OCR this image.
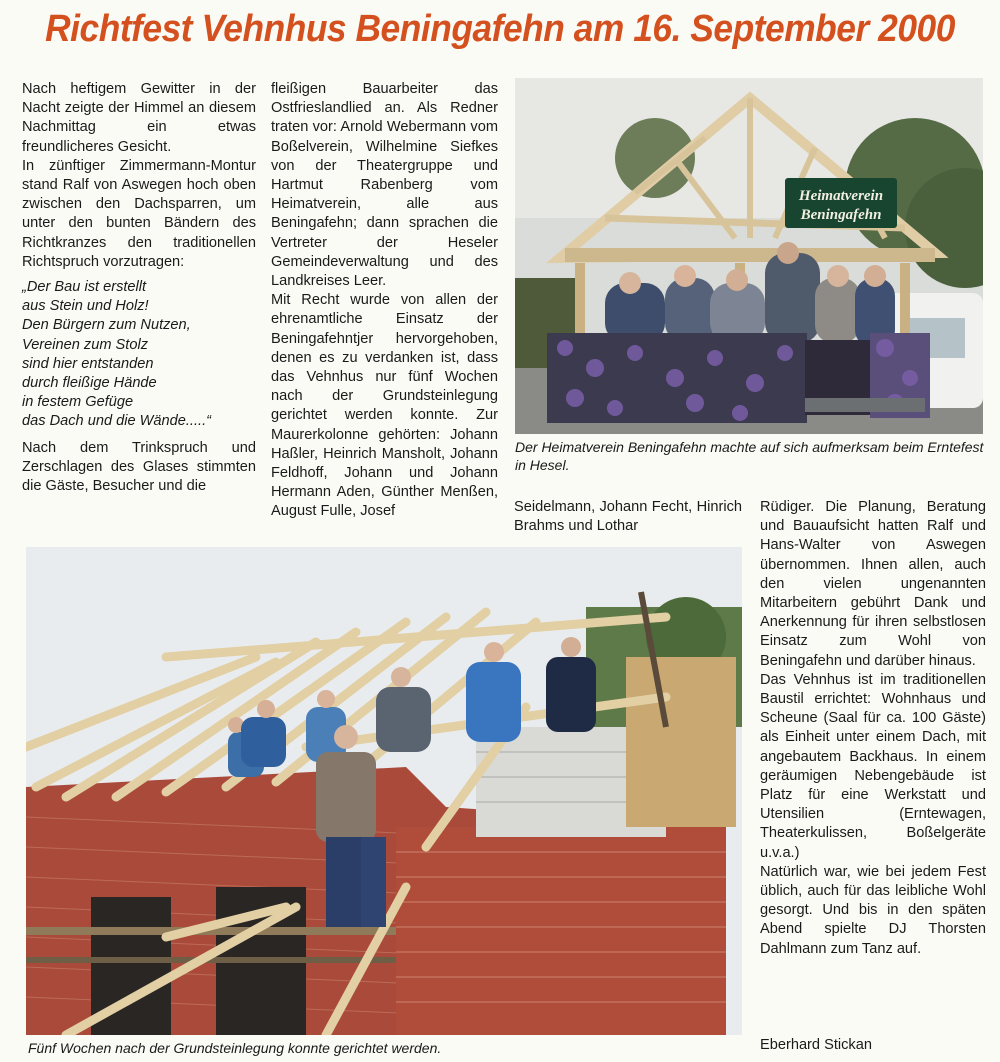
Richtfest Vehnhus Beningafehn am 16. September 2000

Nach heftigem Gewitter in der Nacht zeigte der Himmel an diesem Nachmittag ein etwas freundlicheres Gesicht.

In zünftiger Zimmermann-Montur stand Ralf von Aswegen hoch oben zwischen den Dachsparren, um unter den bunten Bändern des Richtkranzes den traditionellen Richtspruch vorzutragen:

„Der Bau ist erstellt
aus Stein und Holz!
Den Bürgern zum Nutzen,
Vereinen zum Stolz
sind hier entstanden
durch fleißige Hände
in festem Gefüge
das Dach und die Wände.....“

Nach dem Trinkspruch und Zerschlagen des Glases stimmten die Gäste, Besucher und die

fleißigen Bauarbeiter das Ostfrieslandlied an. Als Redner traten vor: Arnold Webermann vom Boßelverein, Wilhelmine Siefkes von der Theatergruppe und Hartmut Rabenberg vom Heimatverein, alle aus Beningafehn; dann sprachen die Vertreter der Heseler Gemeindeverwaltung und des Landkreises Leer.

Mit Recht wurde von allen der ehrenamtliche Einsatz der Beningafehntjer hervorgehoben, denen es zu verdanken ist, dass das Vehnhus nur fünf Wochen nach der Grundsteinlegung gerichtet werden konnte. Zur Maurerkolonne gehörten: Johann Haßler, Heinrich Mansholt, Johann Feldhoff, Johann und Johann Hermann Aden, Günther Menßen, August Fulle, Josef

Heimatverein
Beningafehn
Der Heimatverein Beningafehn machte auf sich aufmerksam beim Erntefest in Hesel.

Seidelmann, Johann Fecht, Hinrich Brahms und Lothar

Rüdiger. Die Planung, Beratung und Bauaufsicht hatten Ralf und Hans-Walter von Aswegen übernommen. Ihnen allen, auch den vielen ungenannten Mitarbeitern gebührt Dank und Anerkennung für ihren selbstlosen Einsatz zum Wohl von Beningafehn und darüber hinaus.

Das Vehnhus ist im traditionellen Baustil errichtet: Wohnhaus und Scheune (Saal für ca. 100 Gäste) als Einheit unter einem Dach, mit angebautem Backhaus. In einem geräumigen Nebengebäude ist Platz für eine Werkstatt und Utensilien (Erntewagen, Theaterkulissen, Boßelgeräte u.v.a.)

Natürlich war, wie bei jedem Fest üblich, auch für das leibliche Wohl gesorgt. Und bis in den späten Abend spielte DJ Thorsten Dahlmann zum Tanz auf.

Fünf Wochen nach der Grundsteinlegung konnte gerichtet werden.	Eberhard Stickan
